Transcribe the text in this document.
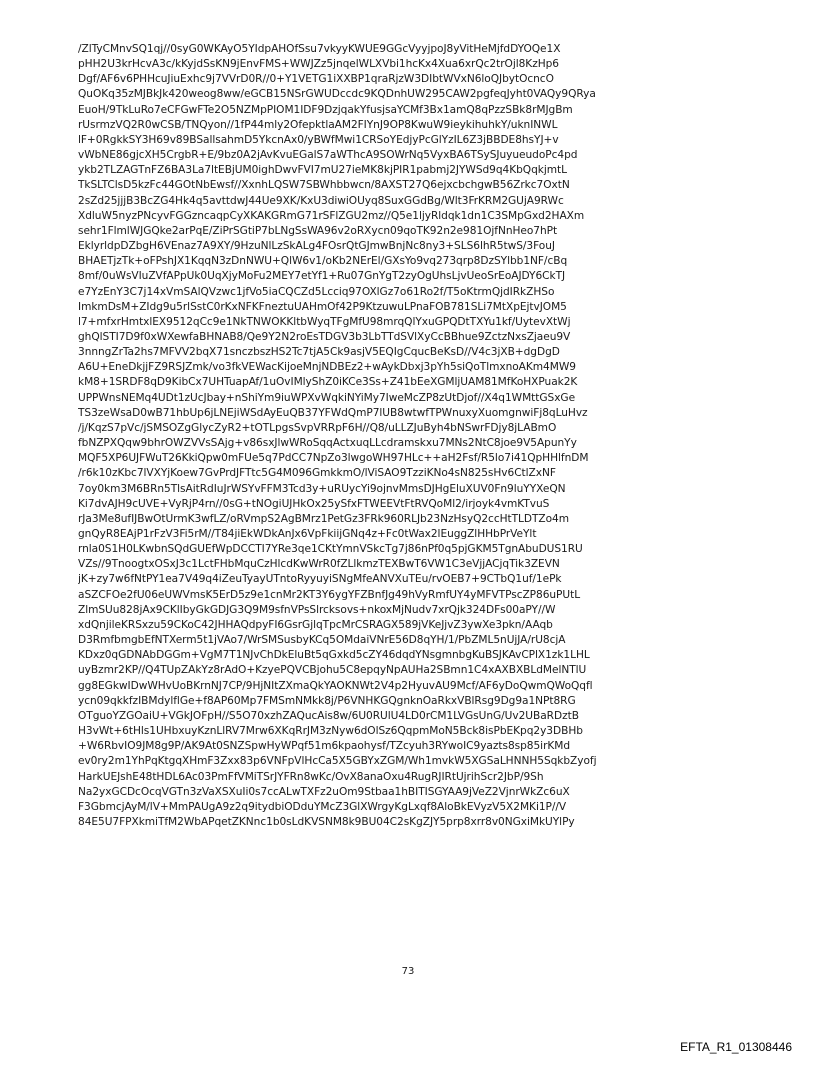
/ZlTyCMnvSQ1qj//0syG0WKAyO5YIdpAHOfSsu7vkyyKWUE9GGcVyyjpoJ8yVitHeMjfdDYOQe1X
pHH2U3krHcvA3c/kKyjdSsKN9jEnvFMS+WWJZz5jnqelWLXVbi1hcKx4Xua6xrQc2trOjl8KzHp6
Dgf/AF6v6PHHcuJiuExhc9j7VVrD0R//0+Y1VETG1iXXBP1qraRjzW3DIbtWVxN6loQJbytOcncO
QuOKq35zMJBkJk420weog8ww/eGCB15NSrGWUDccdc9KQDnhUW295CAW2pgfeqJyht0VAQy9QRya
EuoH/9TkLuRo7eCFGwFTe2O5NZMpPIOM1IDF9DzjqakYfusjsaYCMf3Bx1amQ8qPzzSBk8rMJgBm
rUsrmzVQ2R0wCSB/TNQyon//1fP44mly2OfepktlaAM2FIYnJ9OP8KwuW9ieykihuhkY/uknINWL
lF+0RgkkSY3H69v89BSallsahmD5YkcnAx0/yBWfMwi1CRSoYEdjyPcGlYzIL6Z3jBBDE8hsYJ+v
vWbNE86gjcXH5CrgbR+E/9bz0A2jAvKvuEGalS7aWThcA9SOWrNq5VyxBA6TSySJuyueudoPc4pd
ykb2TLZAGTnFZ6BA3La7ltEBjUM0ighDwvFVI7mU27ieMK8kjPIR1pabmj2JYWSd9q4KbQqkjmtL
TkSLTClsD5kzFc44GOtNbEwsf//XxnhLQSW7SBWhbbwcn/8AXST27Q6ejxcbchgwB56Zrkc7OxtN
2sZd25jjjB3BcZG4Hk4q5avttdwJ44Ue9XK/KxU3diwiOUyq8SuxGGdBg/Wlt3FrKRM2GUjA9RWc
XdluW5nyzPNcyvFGGzncaqpCyXKAKGRmG71rSFlZGU2mz//Q5e1ljyRldqk1dn1C3SMpGxd2HAXm
sehr1FlmlWJGQke2arPqE/ZiPrSGtiP7bLNgSsWA96v2oRXycn09qoTK92n2e981OjfNnHeo7hPt
EklyrldpDZbgH6VEnaz7A9XY/9HzuNlLzSkALg4FOsrQtGJmwBnjNc8ny3+SLS6lhR5twS/3FouJ
BHAETjzTk+oFPshJX1KqqN3zDnNWU+QlW6v1/oKb2NErEl/GXsYo9vq273qrp8DzSYlbb1NF/cBq
8mf/0uWsVIuZVfAPpUk0UqXjyMoFu2MEY7etYf1+Ru07GnYgT2zyOgUhsLjvUeoSrEoAJDY6CkTJ
e7YzEnY3C7j14xVmSAlQVzwc1jfVo5iaCQCZd5Lcciq97OXlGz7o61Ro2f/T5oKtrmQjdIRkZHSo
ImkmDsM+ZIdg9u5rlSstC0rKxNFKFneztuUAHmOf42P9KtzuwuLPnaFOB781SLi7MtXpEjtvJOM5
l7+mfxrHmtxlEX9512qCc9e1NkTNWOKKltbWyqTFgMfU98mrqQlYxuGPQDtTXYu1kf/UytevXtWj
ghQlSTI7D9f0xWXewfaBHNAB8/Qe9Y2N2roEsTDGV3b3LbTTdSVlXyCcBBhue9ZctzNxsZjaeu9V
3nnngZrTa2hs7MFVV2bqX71snczbszHS2Tc7tjA5Ck9asjV5EQIgCqucBeKsD//V4c3jXB+dgDgD
A6U+EneDkjjFZ9RSJZmk/vo3fkVEWacKijoeMnjNDBEz2+wAykDbxj3pYh5siQoTlmxnoAKm4MW9
kM8+1SRDF8qD9KibCx7UHTuapAf/1uOvIMlyShZ0iKCe3Ss+Z41bEeXGMljUAM81MfKoHXPuak2K
UPPWnsNEMq4UDt1zUcJbay+nShiYm9iuWPXvWqkiNYiMy7IweMcZP8zUtDjof//X4q1WMttGSxGe
TS3zeWsaD0wB71hbUp6jLNEjiWSdAyEuQB37YFWdQmP7lUB8wtwfTPWnuxyXuomgnwiFj8qLuHvz
/j/KqzS7pVc/jSMSOZgGlycZyR2+tOTLpgsSvpVRRpF6H//Q8/uLLZJuByh4bNSwrFDjy8jLABmO
fbNZPXQqw9bhrOWZVVsSAjg+v86sxJlwWRoSqqActxuqLLcdramskxu7MNs2NtC8joe9V5ApunYy
MQF5XP6UJFWuT26KkiQpw0mFUe5q7PdCC7NpZo3lwgoWH97HLc++aH2Fsf/R5lo7i41QpHHlfnDM
/r6k10zKbc7lVXYjKoew7GvPrdJFTtc5G4M096GmkkmO/lViSAO9TzziKNo4sN825sHv6CtlZxNF
7oy0km3M6BRn5TlsAitRdIuJrWSYvFFM3Tcd3y+uRUycYi9ojnvMmsDJHgEluXUV0Fn9luYYXeQN
Ki7dvAJH9cUVE+VyRjP4rn//0sG+tNOgiUJHkOx25ySfxFTWEEVtFtRVQoMl2/irjoyk4vmKTvuS
rJa3Me8ufIJBwOtUrmK3wfLZ/oRVmpS2AgBMrz1PetGz3FRk960RLJb23NzHsyQ2ccHtTLDTZo4m
gnQyR8EAjP1rFzV3Fi5rM//T84jiEkWDkAnJx6VpFkiijGNq4z+Fc0tWax2lEuggZlHHbPrVeYlt
rnla0S1H0LKwbnSQdGUEfWpDCCTI7YRe3qe1CKtYmnVSkcTg7j86nPf0q5pjGKM5TgnAbuDUS1RU
VZs//9TnoogtxOSxJ3c1LctFHbMquCzHlcdKwWrR0fZLlkmzTEXBwT6VW1C3eVjjACjqTik3ZEVN
jK+zy7w6fNtPY1ea7V49q4iZeuTyayUTntoRyyuyiSNgMfeANVXuTEu/rvOEB7+9CTbQ1uf/1ePk
aSZCFOe2fU06eUWVmsK5ErD5z9e1cnMr2KT3Y6ygYFZBnfJg49hVyRmfUY4yMFVTPscZP86uPUtL
ZlmSUu828jAx9CKlIbyGkGDJG3Q9M9sfnVPsSlrcksovs+nkoxMjNudv7xrQjk324DFs00aPY//W
xdQnjileKRSxzu59CKoC42JHHAQdpyFI6GsrGjlqTpcMrCSRAGX589jVKeJjvZ3ywXe3pkn/AAqb
D3RmfbmgbEfNTXerm5t1jVAo7/WrSMSusbyKCq5OMdaiVNrE56D8qYH/1/PbZML5nUjJA/rU8cjA
KDxz0qGDNAbDGGm+VgM7T1NJvChDkEluBt5qGxkd5cZY46dqdYNsgmnbgKuBSJKAvCPlX1zk1LHL
uyBzmr2KP//Q4TUpZAkYz8rAdO+KzyePQVCBjohu5C8epqyNpAUHa2SBmn1C4xAXBXBLdMelNTlU
gg8EGkwIDwWHvUoBKrnNJ7CP/9HjNItZXmaQkYAOKNWt2V4p2HyuvAU9Mcf/AF6yDoQwmQWoQqfl
ycn09qkkfzIBMdylflGe+f8AP60Mp7FMSmNMkk8j/P6VNHKGQgnknOaRkxVBlRsg9Dg9a1NPt8RG
OTguoYZGOaiU+VGkJOFpH//S5O70xzhZAQucAis8w/6U0RUlU4LD0rCM1LVGsUnG/Uv2UBaRDztB
H3vWt+6tHls1UHbxuyKznLlRV7Mrw6XKqRrJM3zNyw6dOlSz6QqpmMoN5Bck8isPbEKpq2y3DBHb
+W6RbvIO9JM8g9P/AK9At0SNZSpwHyWPqf51m6kpaohysf/TZcyuh3RYwoIC9yazts8sp85irKMd
ev0ry2m1YhPqKtgqXHmF3Zxx83p6VNFpVlHcCa5X5GBYxZGM/Wh1mvkW5XGSaLHNNH5SqkbZyofj
HarkUEJshE48tHDL6Ac03PmFfVMiTSrJYFRn8wKc/OvX8anaOxu4RugRJIRtUjrihScr2JbP/9Sh
Na2yxGCDcOcqVGTn3zVaXSXuIi0s7ccALwTXFz2uOm9Stbaa1hBITISGYAA9jVeZ2VjnrWkZc6uX
F3GbmcjAyM/lV+MmPAUgA9z2q9itydbiODduYMcZ3GlXWrgyKgLxqf8AloBkEVyzV5X2MKi1P//V
84E5U7FPXkmiTfM2WbAPqetZKNnc1b0sLdKVSNM8k9BU04C2sKgZJY5prp8xrr8v0NGxiMkUYlPy
73
EFTA_R1_01308446
